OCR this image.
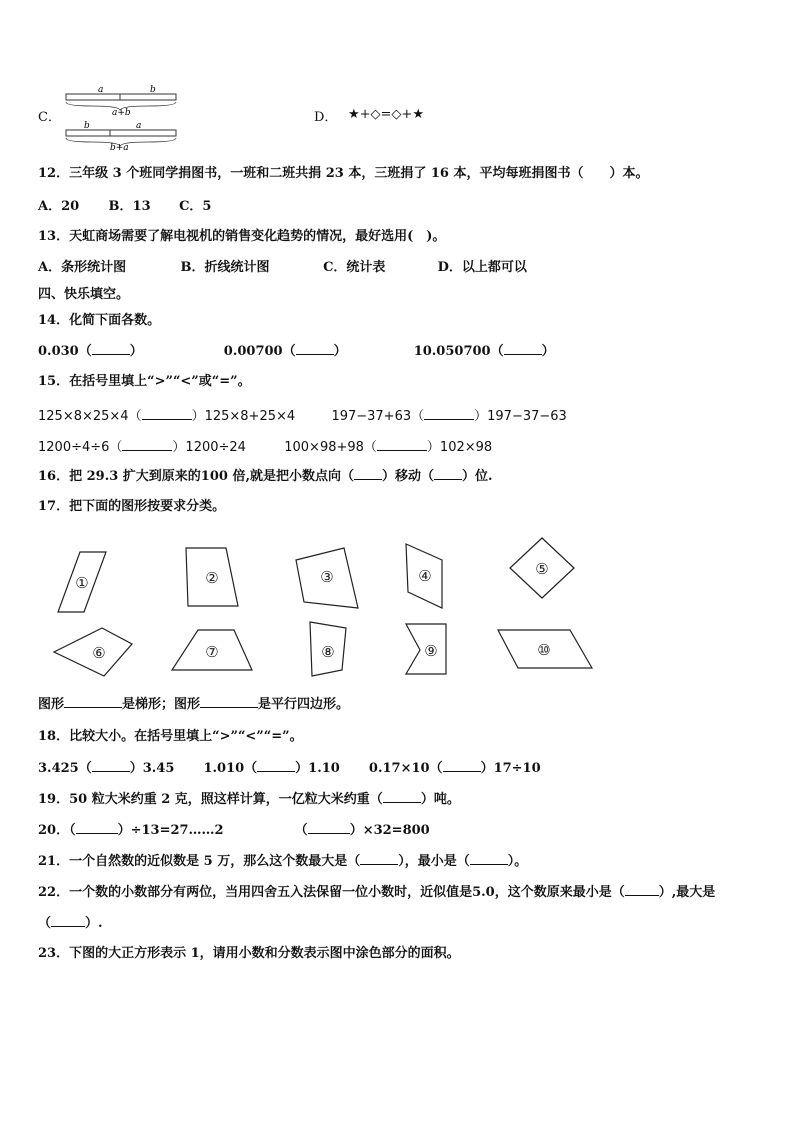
C．
a	b
a+b
b	a
b+a
D． ★+◇=◇+★
12．三年级 3 个班同学捐图书，一班和二班共捐 23 本，三班捐了 16 本，平均每班捐图书（　　）本。
A．20 B．13 C．5
13．天虹商场需要了解电视机的销售变化趋势的情况，最好选用(　)。
A．条形统计图	B．折线统计图	C．统计表	D．以上都可以
四、快乐填空。
14．化简下面各数。
0.030（	）	0.00700（	）	10.050700（	）
15．在括号里填上“>”“<”或“=”。
125×8×25×4（	）125×8+25×4	197−37+63（	）197−37−63
1200÷4÷6（	）1200÷24	100×98+98（	）102×98
16．把 29.3 扩大到原来的100 倍,就是把小数点向（ ）移动（ ）位.
17．把下面的图形按要求分类。
①	②	③	④	⑤
⑥	⑦	⑧	⑨	⑩
图形	是梯形；图形	是平行四边形。
18．比较大小。在括号里填上“>”“<”“=”。
3.425（	）3.45 1.010（	）1.10 0.17×10（	）17÷10
19．50 粒大米约重 2 克，照这样计算，一亿粒大米约重（	）吨。
20．（	）÷13=27……2	（	）×32=800
21．一个自然数的近似数是 5 万，那么这个数最大是（	），最小是（	）。
22．一个数的小数部分有两位，当用四舍五入法保留一位小数时，近似值是5.0，这个数原来最小是（	）,最大是
（	）.
23．下图的大正方形表示 1，请用小数和分数表示图中涂色部分的面积。
